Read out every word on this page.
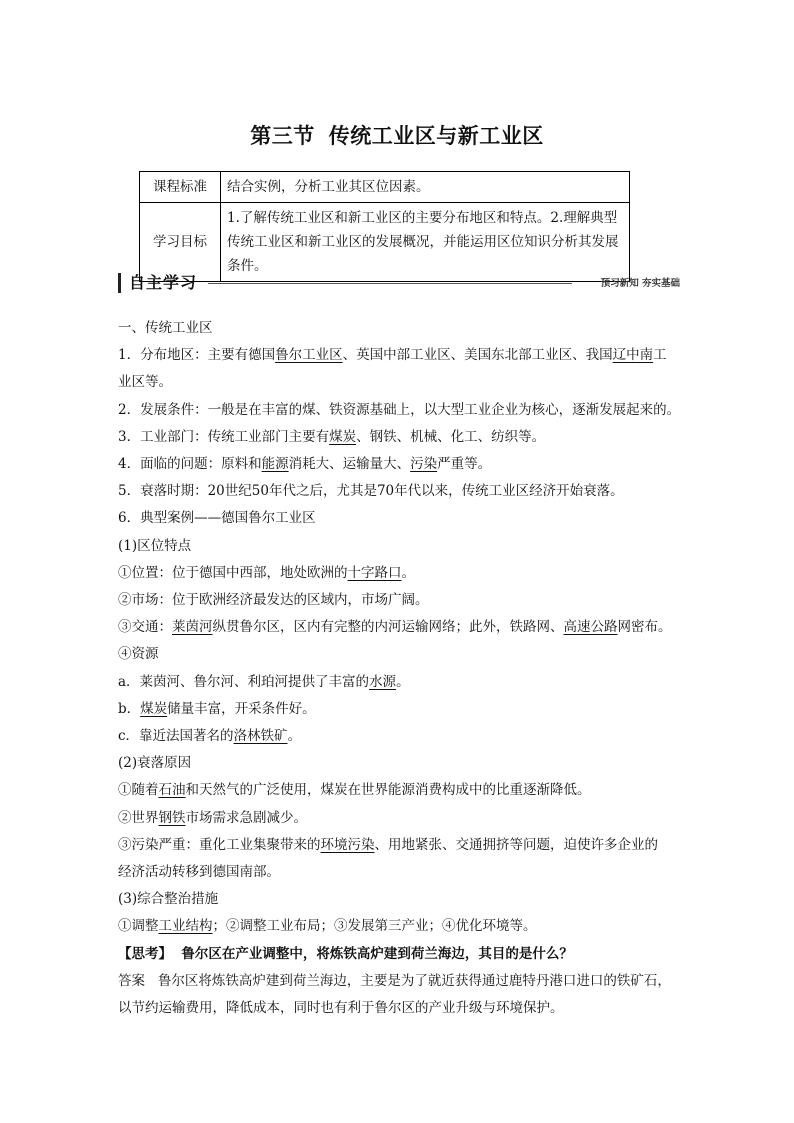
第三节 传统工业区与新工业区
课程标准	结合实例，分析工业其区位因素。
学习目标	1.了解传统工业区和新工业区的主要分布地区和特点。2.理解典型传统工业区和新工业区的发展概况，并能运用区位知识分析其发展条件。
自主学习	预习新知 夯实基础

一、传统工业区

1．分布地区：主要有德国鲁尔工业区、英国中部工业区、美国东北部工业区、我国辽中南工

业区等。

2．发展条件：一般是在丰富的煤、铁资源基础上，以大型工业企业为核心，逐渐发展起来的。

3．工业部门：传统工业部门主要有煤炭、钢铁、机械、化工、纺织等。

4．面临的问题：原料和能源消耗大、运输量大、污染严重等。

5．衰落时期：20世纪50年代之后，尤其是70年代以来，传统工业区经济开始衰落。

6．典型案例——德国鲁尔工业区

(1)区位特点

①位置：位于德国中西部，地处欧洲的十字路口。

②市场：位于欧洲经济最发达的区域内，市场广阔。

③交通：莱茵河纵贯鲁尔区，区内有完整的内河运输网络；此外，铁路网、高速公路网密布。

④资源

a．莱茵河、鲁尔河、利珀河提供了丰富的水源。

b．煤炭储量丰富，开采条件好。

c．靠近法国著名的洛林铁矿。

(2)衰落原因

①随着石油和天然气的广泛使用，煤炭在世界能源消费构成中的比重逐渐降低。

②世界钢铁市场需求急剧减少。

③污染严重：重化工业集聚带来的环境污染、用地紧张、交通拥挤等问题，迫使许多企业的

经济活动转移到德国南部。

(3)综合整治措施

①调整工业结构；②调整工业布局；③发展第三产业；④优化环境等。

【思考】 鲁尔区在产业调整中，将炼铁高炉建到荷兰海边，其目的是什么？

答案 鲁尔区将炼铁高炉建到荷兰海边，主要是为了就近获得通过鹿特丹港口进口的铁矿石，

以节约运输费用，降低成本，同时也有利于鲁尔区的产业升级与环境保护。
